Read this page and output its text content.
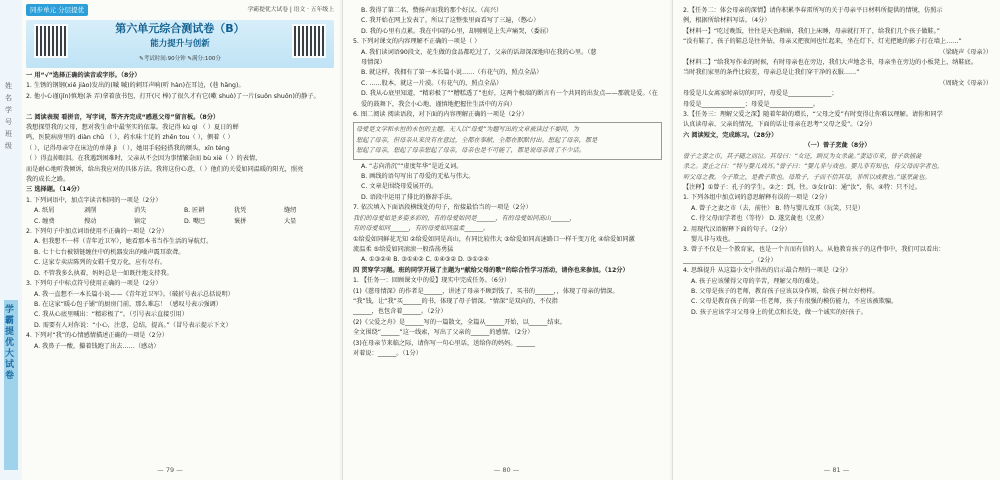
姓名 学号 班级
学霸提优大试卷
同步单元 分层提优	学霸提优大试卷 | 语文 · 五年级上
第六单元综合测试卷（B）
能力提升与创新
✎考试时间:90分钟 ✎满分:100分
一 用“√”选择正确的读音或字形。（8分）
1. 生锈的钢钢(xiě jiào)发出的(嘁 嘁)的刺耳声响(听 hàn)在耳边，(巷 hāng)。
2. 他小心谨(jǐn)慎地(条 弄)拿着放书包，打开(尺 棒)了很久才有它(嗽 shuò)了一片(suǒn shuǒn)的静子。
二 阅读表现 看拼音，写字词，帮齐齐完成“感恩父母”留言板。（8分）
我想探望我的父母，想对我生命中最坚实的依靠。我记得 kù qì （ ）夏日的蝉
鸣，医院病房里的 diàn chǔ （ ），药水味十足的 zhēn tou（ ），侧着（ ）
（ ），记得母亲守在床边的单薄 jì （ ），她用手轻轻搭我的额头，xīn téng
（ ）得直掉眼泪。在我遇到困难时，父亲从不会因为事情繁杂而 bù xiè（ ）的表情，
而是耐心地听我倾诉，给出我应对的具体方法。我将这份心意，（ ）他们的关爱如同温暖的阳光，照亮
我的成长之路。
三 选择题。（14分）
1. 下列词语中，加点字读音相同的一项是（2分）
A. 纸屑	剥削	消失	B. 匠耕	犹凭	缝纫
C. 缠费	搜动	镇定	D. 嘴巴	褒拼	大显
2. 下列句子中加点词语使用不正确的一项是（2分）
A. 但我想不一样（青年近卫军），她看那本书当作生活的导航灯。
B. 七十七台被锁链缠住中的机器发出的噪声震耳欲聋。
C. 这家专卖店陈列的女鞋千变万化，应有尽有。
D. 不管我多么执着，妈妈总是一如既往地支持我。
3. 下列句子中标点符号使用正确的一项是（2分）
A. 我一直想不一本长篇小说——《青年近卫军》。（破折号表示总括说明）
B. 在这家“暖心包子铺”的厨房门前，那么难忘！（感叹号表示强调）
C. 我从心底里喊出：“精彩极了”。（引号表示直接引用）
D. 需要有人对你说：“小心，注意，总结，提高。”（冒号表示提示下文）
4. 下列对“我”的心情感情描述正确的一项是（2分）
A. 我鼻子一酸，攥着钱跑了出去……（感动）
— 79 —
B. 我得了第二名，赞扬声而我的那个好汉。（高兴）
C. 我开始在网上发表了，所以了这整张里面看写了三遍，（憋心）
D. 我的心里有点累。我在中国的心里，却刚刚是上失声痛哭，（委屈）
5. 下列对课文的内容理解不正确的一项是（ ）
A. 我们读词语90段文，花生做的食品都吃过了，父亲的话却深深地印在我的心里。（慈
母情深）
B. 就这样，我拥有了第一本长篇小说……（有花气的，照点全晶）
C. ……股本，就这一片漠。（有花气的，照点全晶）
D. 我从心底里知道，“精彩极了”“糟糕透了”也好，这两个极端的断言有一个共同的出发点——那就是爱。（在爱的鼓舞下，我会小心地、谨慎地把握住生活中的方向）
6. 图二阅读 阅读语段，对下面的内容理解正确的一项是（2分）
母爱是文学和永恒的永恒的主题。无人以“母爱”为题写出的文章被读过不要问，为
想起了母亲，但母亲从来没有在意过，全都在奉献，全都在默默付出。想起了母亲，都是
想起了母亲，想起了母亲想起了母亲，母亲也是不可能了，都是说母亲说了不少话。
A. “志向消沉”“虚度年华”是近义词。
B. 画线的语句写出了母爱的无私与伟大。
C. 文章是围绕母爱展开的。
D. 语段中运用了排比的修辞手法。
7. 依次填入下面语段横线处的句子，衔接最恰当的一项是（2分）
我们的母爱如是多姿多彩的，有的母爱如同是______，有的母爱如同高山______，
有的母爱如同______，有的母爱如同温柔______。
①给爱如同鲜花无知 ②给爱如同是高山，有同比较伟大 ③给爱如同高速路口一样千变万化 ④给爱如同激
流温柔 ⑤给爱如同滚滚一般浩荡勇猛
A. ①③②④ B. ③①④② C. ①④③② D. ③①②④
四 贯穿学习题。班的同学开展了主题为“献给父母的歌”的综合性学习活动，请你也来参加。（12分）
1. 【任务一：回顾课文中的爱】现实中完成任务。（6分）
(1)《慈母情深》的作者是______，讲述了母亲不顾到钱了，买书的______，，体现了母亲的情深。
“我”钱，让“我”买______的书，体现了母子情深。“情深”是双向的，不仅指
______，也包含着______。（2分）
(2)《父爱之舟》是______写的一篇散文，全篇从______开始，以______结束。
全文围绕“______”这一线索，写出了父亲的______的感情。（2分）
(3)在母亲节来临之际，请你写一句心里话，送给你的妈妈。______
对着说：______。（1分）
— 80 —
2.【任务二：体会母亲的深情】请你积累李春雷所写的关于母亲平日材料所提供的情境，仿照示
例，根据所给材料写话。（4分）
【材料一】“吃过晚饭，往往是天色渐暗，我们上床睡，母亲就打开了，给我们几个孩子做鞋。”
“没有鞋了，孩子的鞋总是往外钻，母亲又把夜间也忙起来，坐在灯下，灯光把她的影子打在墙上……”
（梁晓声《母亲》）
【材料二】“给我写作业的时候，有时母亲也在旁边，我们大声地念书，母亲坐在旁边的小板凳上，纳鞋底。
当时我们家里的条件比较差，母亲总是让我们穿干净的衣服……”
（周晓文《母亲》）
母爱是儿女离家时亲切的叮咛，母爱是______________；
母爱是______________；母爱是______________。
3.【任务三：理解父爱之深】随着年龄的增长，“父母之爱”有时变得让你难以理解。请你和同学
认真读母亲、父亲的情况，下面的话让母亲在思考“父母之爱”。（2分）
六 阅读短文，完成练习。（28分）
（一）曾子烹彘（8分）
曾子之妻之市，其子随之而泣。其母曰：“女还，顾反为女杀彘。”妻适市来，曾子欲捕彘
杀之。妻止之曰：“特与婴儿戏耳。”曾子曰：“婴儿非与戏也。婴儿非有知也，待父母而学者也，
听父母之教。今子欺之，是教子欺也。母欺子，子而不信其母，非所以成教也。”遂烹彘也。
【注释】①曾子：孔子的学生。②之：到，往。③女(rǔ)：通“汝”，你。④特：只不过。
1. 下列各组中加点词的意思解释有误的一项是（2分）
A. 曾子之妻之市（去，前往） B. 特与婴儿戏耳（玩笑，只是）
C. 待父母而学者也（等待） D. 遂烹彘也（烹煮）
2. 用现代汉语解释下面的句子。（2分）
婴儿非与戏也。______________________
3. 曾子不仅是一个教育家，也是一个言而有信的人。从他教育孩子的这件事中，我们可以看出：
______________________。（2分）
4. 思维提升 从这篇小文中得出的启示最合理的一项是（2分）
A. 孩子应该懂得父母的辛苦，理解父母的难处。
B. 父母是孩子的老师，教育孩子应该以身作则，给孩子树立好榜样。
C. 父母是教育孩子的第一任老师，孩子有很强的模仿能力，不应该被欺骗。
D. 孩子应该学习父母身上的优点和长处，做一个诚实的好孩子。
— 81 —
